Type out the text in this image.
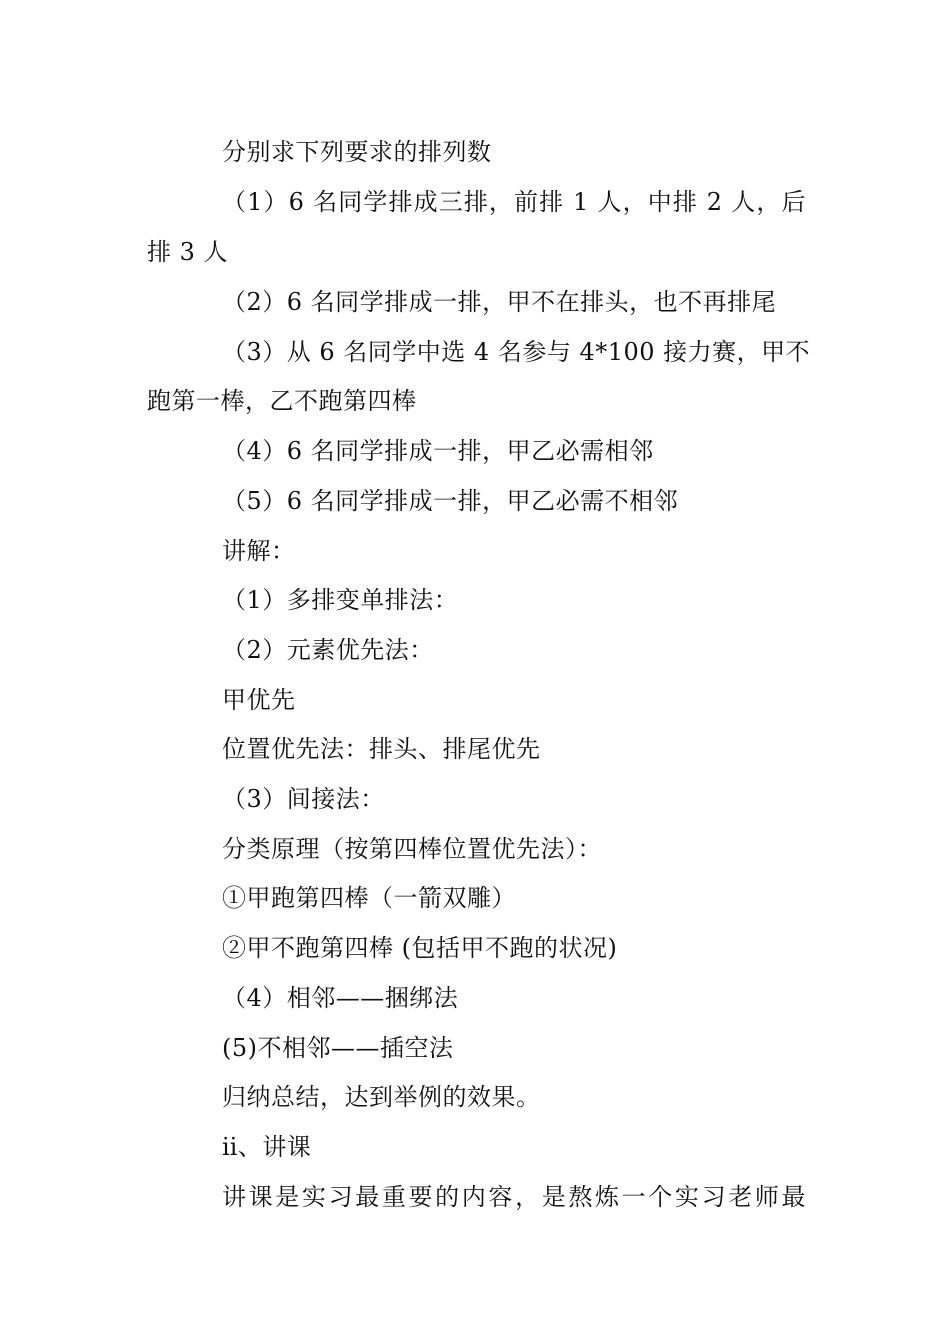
分别求下列要求的排列数
（1）6 名同学排成三排，前排 1 人，中排 2 人，后
排 3 人
（2）6 名同学排成一排，甲不在排头，也不再排尾
（3）从 6 名同学中选 4 名参与 4*100 接力赛，甲不
跑第一棒，乙不跑第四棒
（4）6 名同学排成一排，甲乙必需相邻
（5）6 名同学排成一排，甲乙必需不相邻
讲解：
（1）多排变单排法：
（2）元素优先法：
甲优先
位置优先法：排头、排尾优先
（3）间接法：
分类原理（按第四棒位置优先法）：
①甲跑第四棒（一箭双雕）
②甲不跑第四棒 (包括甲不跑的状况)
（4）相邻——捆绑法
(5)不相邻——插空法
归纳总结，达到举例的效果。
ⅱ、讲课
讲课是实习最重要的内容，是熬炼一个实习老师最
